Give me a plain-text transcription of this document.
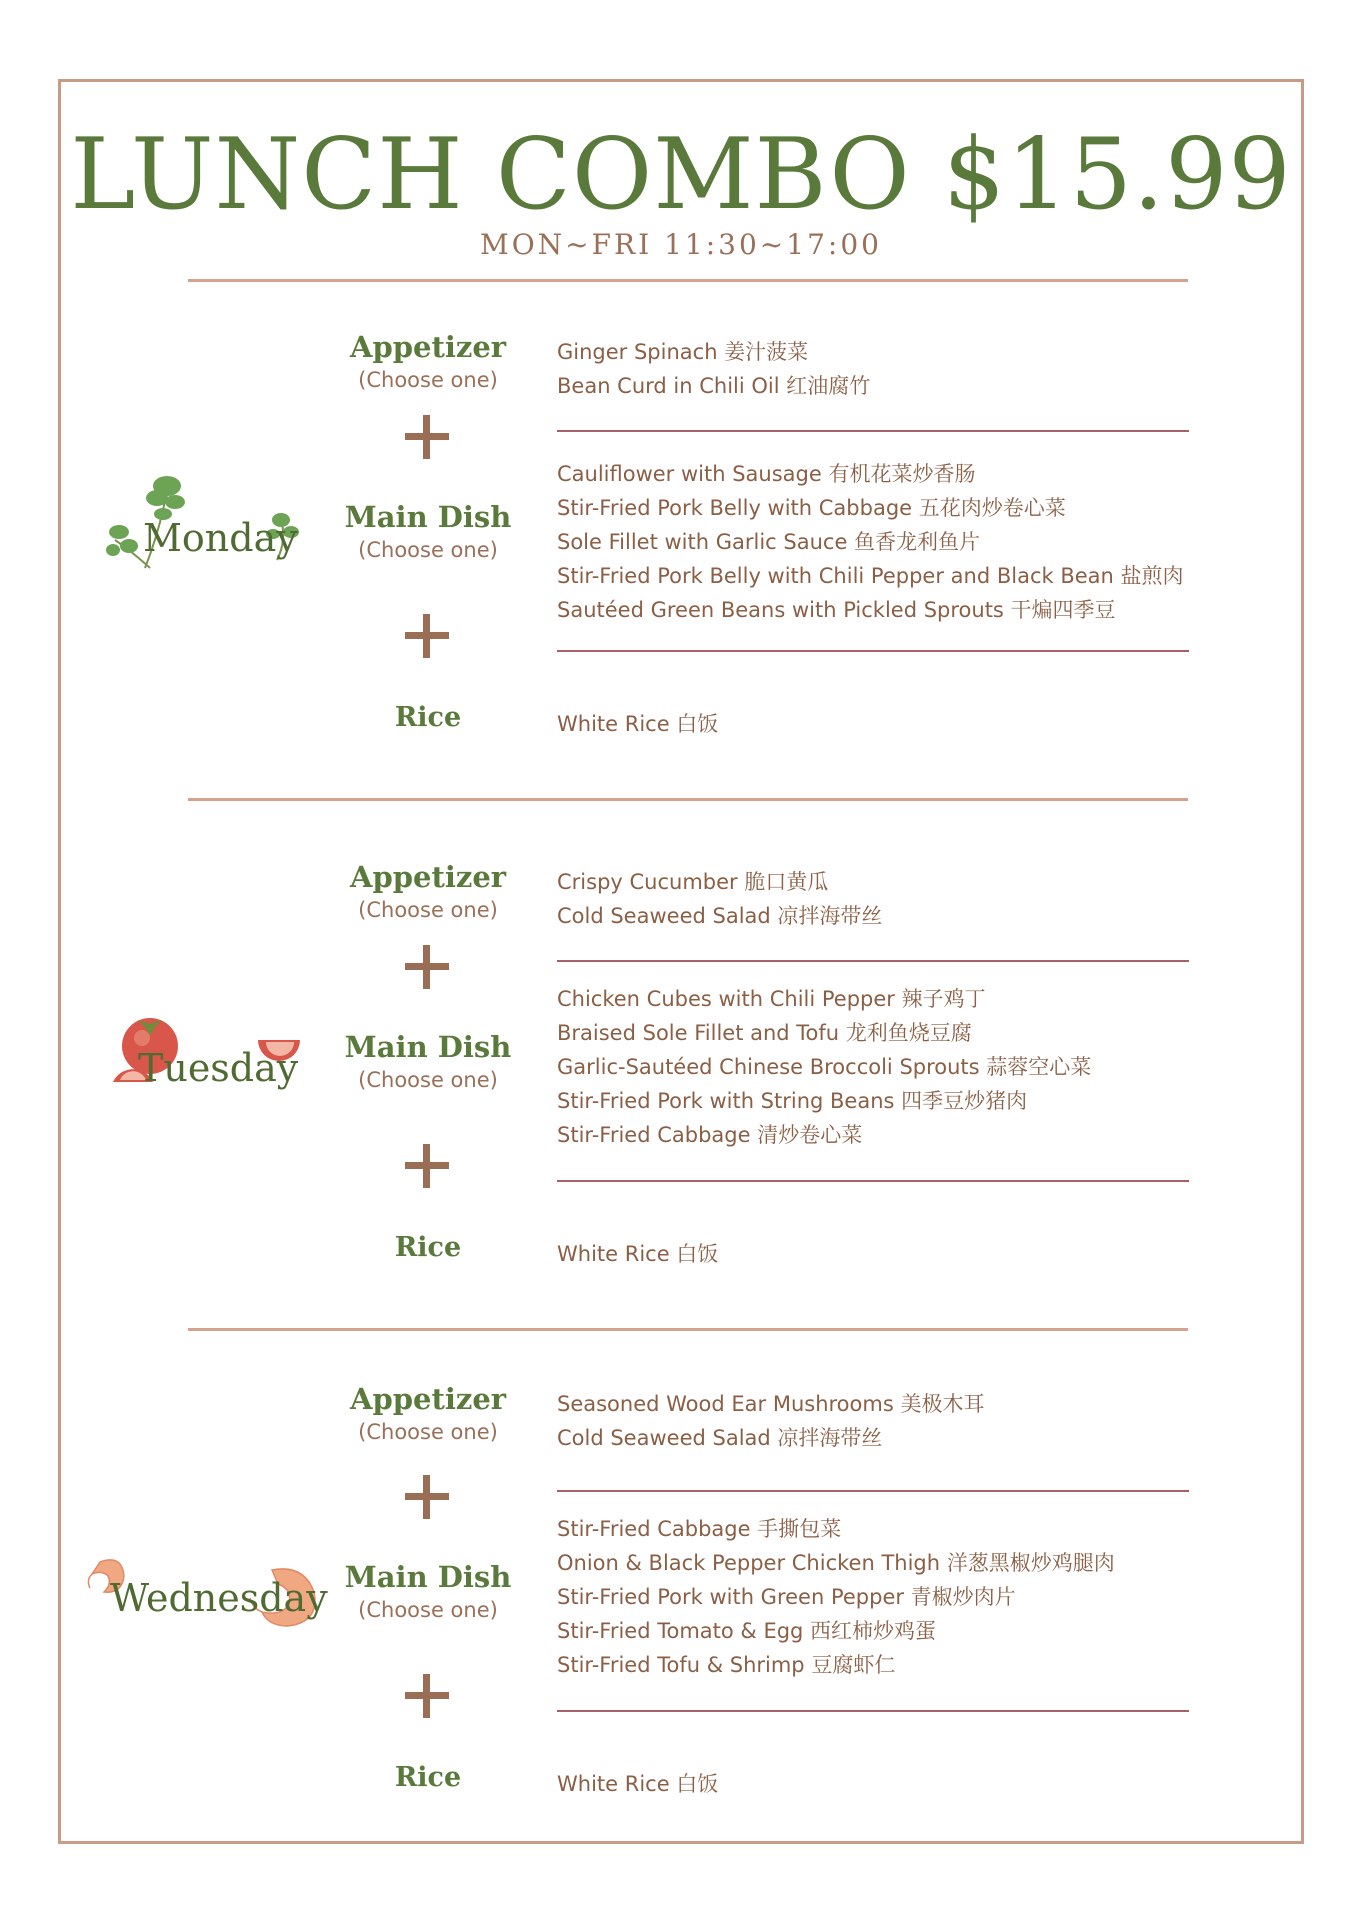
LUNCH COMBO $15.99
MON~FRI 11:30~17:00
Monday
Appetizer
(Choose one)
Main Dish
(Choose one)
Rice
Ginger Spinach 姜汁菠菜
Bean Curd in Chili Oil 红油腐竹
Cauliflower with Sausage 有机花菜炒香肠
Stir-Fried Pork Belly with Cabbage 五花肉炒卷心菜
Sole Fillet with Garlic Sauce 鱼香龙利鱼片
Stir-Fried Pork Belly with Chili Pepper and Black Bean 盐煎肉
Sautéed Green Beans with Pickled Sprouts 干煸四季豆
White Rice 白饭
Tuesday
Appetizer
(Choose one)
Main Dish
(Choose one)
Rice
Crispy Cucumber 脆口黄瓜
Cold Seaweed Salad 凉拌海带丝
Chicken Cubes with Chili Pepper 辣子鸡丁
Braised Sole Fillet and Tofu 龙利鱼烧豆腐
Garlic-Sautéed Chinese Broccoli Sprouts 蒜蓉空心菜
Stir-Fried Pork with String Beans 四季豆炒猪肉
Stir-Fried Cabbage 清炒卷心菜
White Rice 白饭
Wednesday
Appetizer
(Choose one)
Main Dish
(Choose one)
Rice
Seasoned Wood Ear Mushrooms 美极木耳
Cold Seaweed Salad 凉拌海带丝
Stir-Fried Cabbage 手撕包菜
Onion & Black Pepper Chicken Thigh 洋葱黑椒炒鸡腿肉
Stir-Fried Pork with Green Pepper 青椒炒肉片
Stir-Fried Tomato & Egg 西红柿炒鸡蛋
Stir-Fried Tofu & Shrimp 豆腐虾仁
White Rice 白饭
